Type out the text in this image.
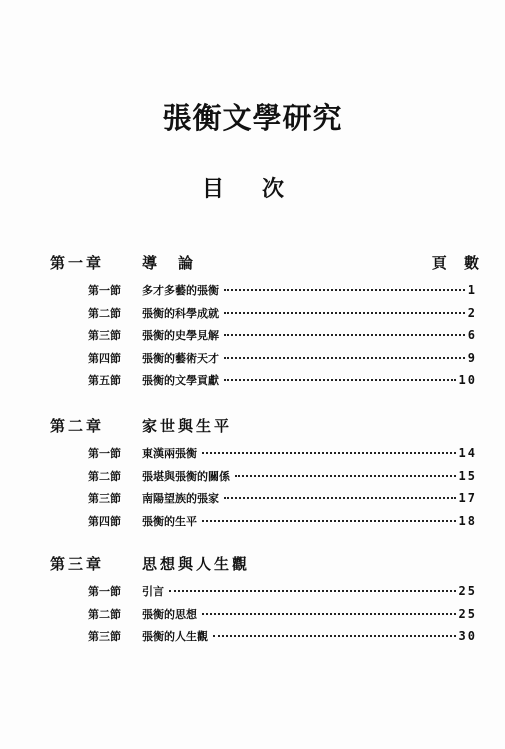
張衡文學研究
目 次
第一章	導　論	頁 數
第一節 多才多藝的張衡	1
第二節 張衡的科學成就	2
第三節 張衡的史學見解	6
第四節 張衡的藝術天才	9
第五節 張衡的文學貢獻	10
第二章	家世與生平
第一節 東漢兩張衡	14
第二節 張堪與張衡的關係	15
第三節 南陽望族的張家	17
第四節 張衡的生平	18
第三章	思想與人生觀
第一節 引言	25
第二節 張衡的思想	25
第三節 張衡的人生觀	30
